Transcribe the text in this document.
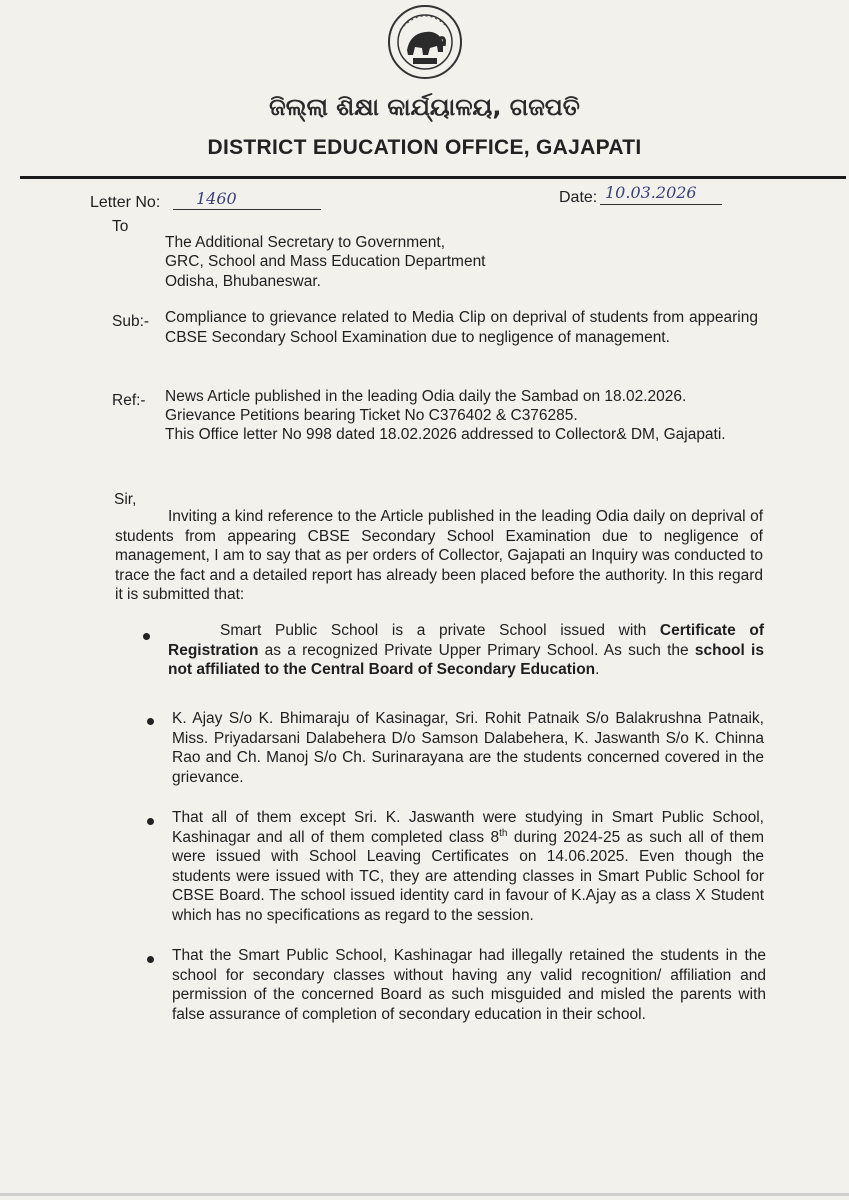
ଜିଲ୍ଲା ଶିକ୍ଷା କାର୍ଯ୍ୟାଳୟ, ଗଜପତି
DISTRICT EDUCATION OFFICE, GAJAPATI
Letter No: 1460	Date: 10.03.2026
To
The Additional Secretary to Government,
GRC, School and Mass Education Department
Odisha, Bhubaneswar.
Sub:- Compliance to grievance related to Media Clip on deprival of students from appearing CBSE Secondary School Examination due to negligence of management.
Ref:- News Article published in the leading Odia daily the Sambad on 18.02.2026.
Grievance Petitions bearing Ticket No C376402 & C376285.
This Office letter No 998 dated 18.02.2026 addressed to Collector& DM, Gajapati.
Sir,
Inviting a kind reference to the Article published in the leading Odia daily on deprival of students from appearing CBSE Secondary School Examination due to negligence of management, I am to say that as per orders of Collector, Gajapati an Inquiry was conducted to trace the fact and a detailed report has already been placed before the authority. In this regard it is submitted that:
Smart Public School is a private School issued with Certificate of Registration as a recognized Private Upper Primary School. As such the school is not affiliated to the Central Board of Secondary Education.
K. Ajay S/o K. Bhimaraju of Kasinagar, Sri. Rohit Patnaik S/o Balakrushna Patnaik, Miss. Priyadarsani Dalabehera D/o Samson Dalabehera, K. Jaswanth S/o K. Chinna Rao and Ch. Manoj S/o Ch. Surinarayana are the students concerned covered in the grievance.
That all of them except Sri. K. Jaswanth were studying in Smart Public School, Kashinagar and all of them completed class 8th during 2024-25 as such all of them were issued with School Leaving Certificates on 14.06.2025. Even though the students were issued with TC, they are attending classes in Smart Public School for CBSE Board. The school issued identity card in favour of K.Ajay as a class X Student which has no specifications as regard to the session.
That the Smart Public School, Kashinagar had illegally retained the students in the school for secondary classes without having any valid recognition/ affiliation and permission of the concerned Board as such misguided and misled the parents with false assurance of completion of secondary education in their school.
